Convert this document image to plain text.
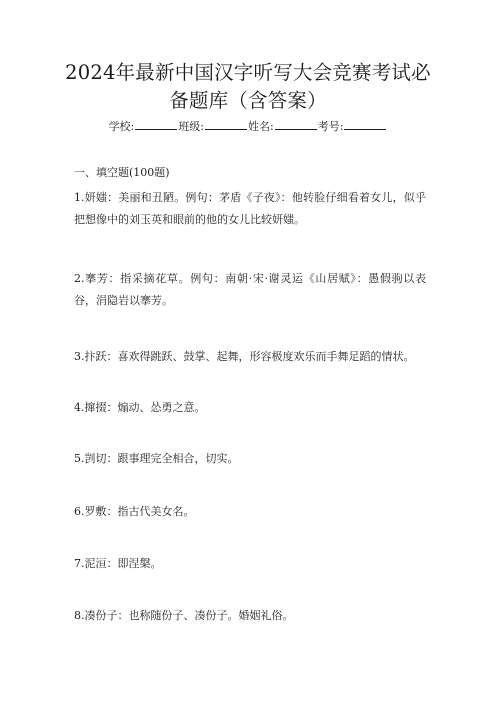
2024年最新中国汉字听写大会竞赛考试必
备题库（含答案）
学校:	班级:	姓名:	考号:
一、填空题(100题)
1.妍媸：美丽和丑陋。例句：茅盾《子夜》：他转脸仔细看着女儿，似乎把想像中的刘玉英和眼前的他的女儿比较妍媸。
2.搴芳：指采摘花草。例句：南朝·宋·谢灵运《山居赋》：愚假驹以表谷，涓隐岩以搴芳。
3.抃跃：喜欢得跳跃、鼓掌、起舞，形容极度欢乐而手舞足蹈的情状。
4.撺掇：煽动、怂勇之意。
5.剀切：跟事理完全相合，切实。
6.罗敷：指古代美女名。
7.泥洹：即涅槃。
8.凑份子：也称随份子、凑份子。婚姻礼俗。
